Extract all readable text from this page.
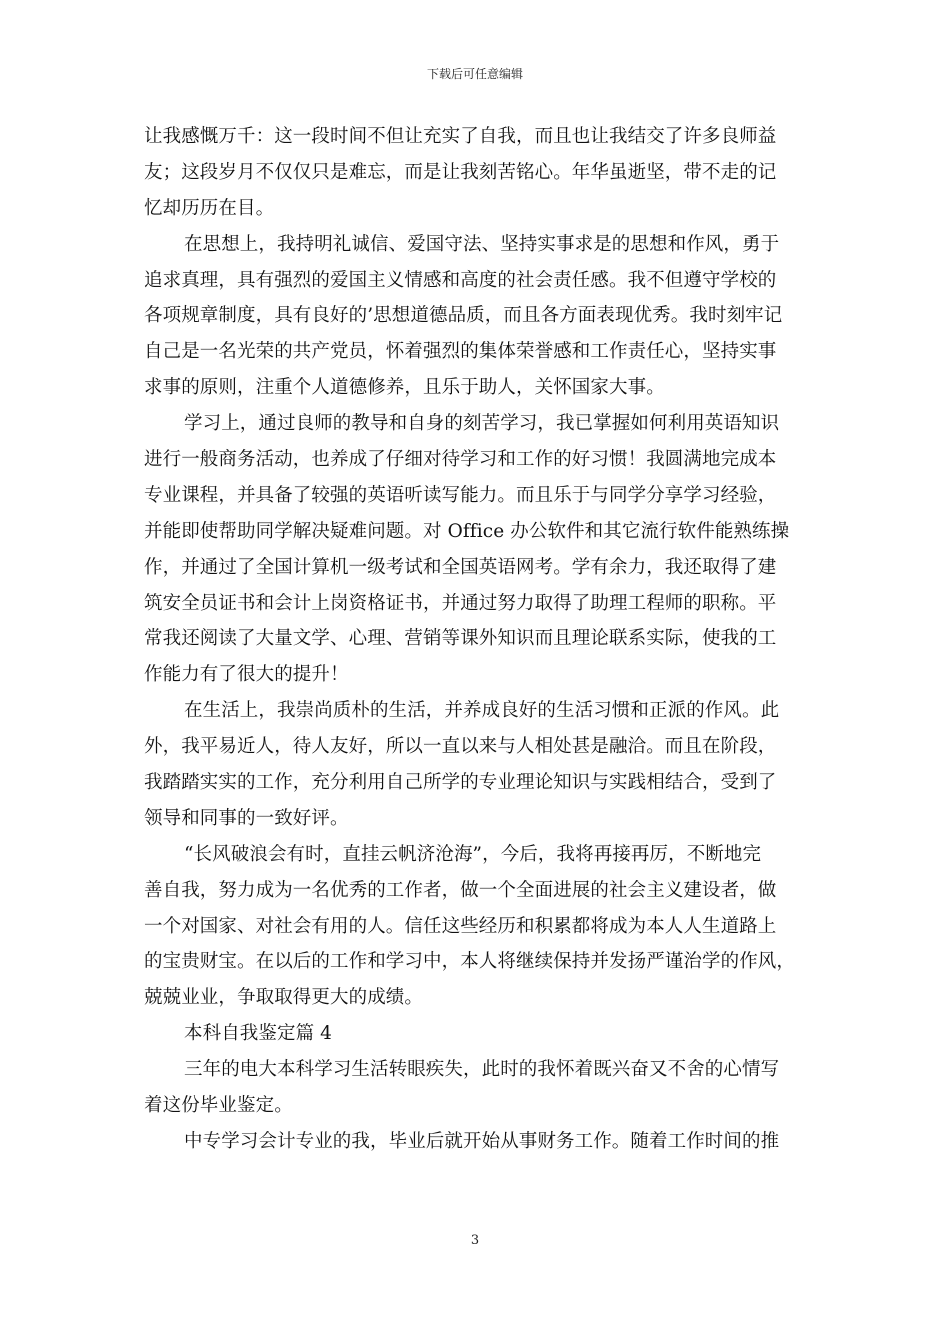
下载后可任意编辑
让我感慨万千：这一段时间不但让充实了自我，而且也让我结交了许多良师益
友；这段岁月不仅仅只是难忘，而是让我刻苦铭心。年华虽逝坚，带不走的记
忆却历历在目。
在思想上，我持明礼诚信、爱国守法、坚持实事求是的思想和作风，勇于
追求真理，具有强烈的爱国主义情感和高度的社会责任感。我不但遵守学校的
各项规章制度，具有良好的’思想道德品质，而且各方面表现优秀。我时刻牢记
自己是一名光荣的共产党员，怀着强烈的集体荣誉感和工作责任心，坚持实事
求事的原则，注重个人道德修养，且乐于助人，关怀国家大事。
学习上，通过良师的教导和自身的刻苦学习，我已掌握如何利用英语知识
进行一般商务活动，也养成了仔细对待学习和工作的好习惯！我圆满地完成本
专业课程，并具备了较强的英语听读写能力。而且乐于与同学分享学习经验，
并能即使帮助同学解决疑难问题。对 Office 办公软件和其它流行软件能熟练操
作，并通过了全国计算机一级考试和全国英语网考。学有余力，我还取得了建
筑安全员证书和会计上岗资格证书，并通过努力取得了助理工程师的职称。平
常我还阅读了大量文学、心理、营销等课外知识而且理论联系实际，使我的工
作能力有了很大的提升！
在生活上，我崇尚质朴的生活，并养成良好的生活习惯和正派的作风。此
外，我平易近人，待人友好，所以一直以来与人相处甚是融洽。而且在阶段，
我踏踏实实的工作，充分利用自己所学的专业理论知识与实践相结合，受到了
领导和同事的一致好评。
“长风破浪会有时，直挂云帆济沧海”，今后，我将再接再厉，不断地完
善自我，努力成为一名优秀的工作者，做一个全面进展的社会主义建设者，做
一个对国家、对社会有用的人。信任这些经历和积累都将成为本人人生道路上
的宝贵财宝。在以后的工作和学习中，本人将继续保持并发扬严谨治学的作风，
兢兢业业，争取取得更大的成绩。
本科自我鉴定篇 4
三年的电大本科学习生活转眼疾失，此时的我怀着既兴奋又不舍的心情写
着这份毕业鉴定。
中专学习会计专业的我，毕业后就开始从事财务工作。随着工作时间的推
3
